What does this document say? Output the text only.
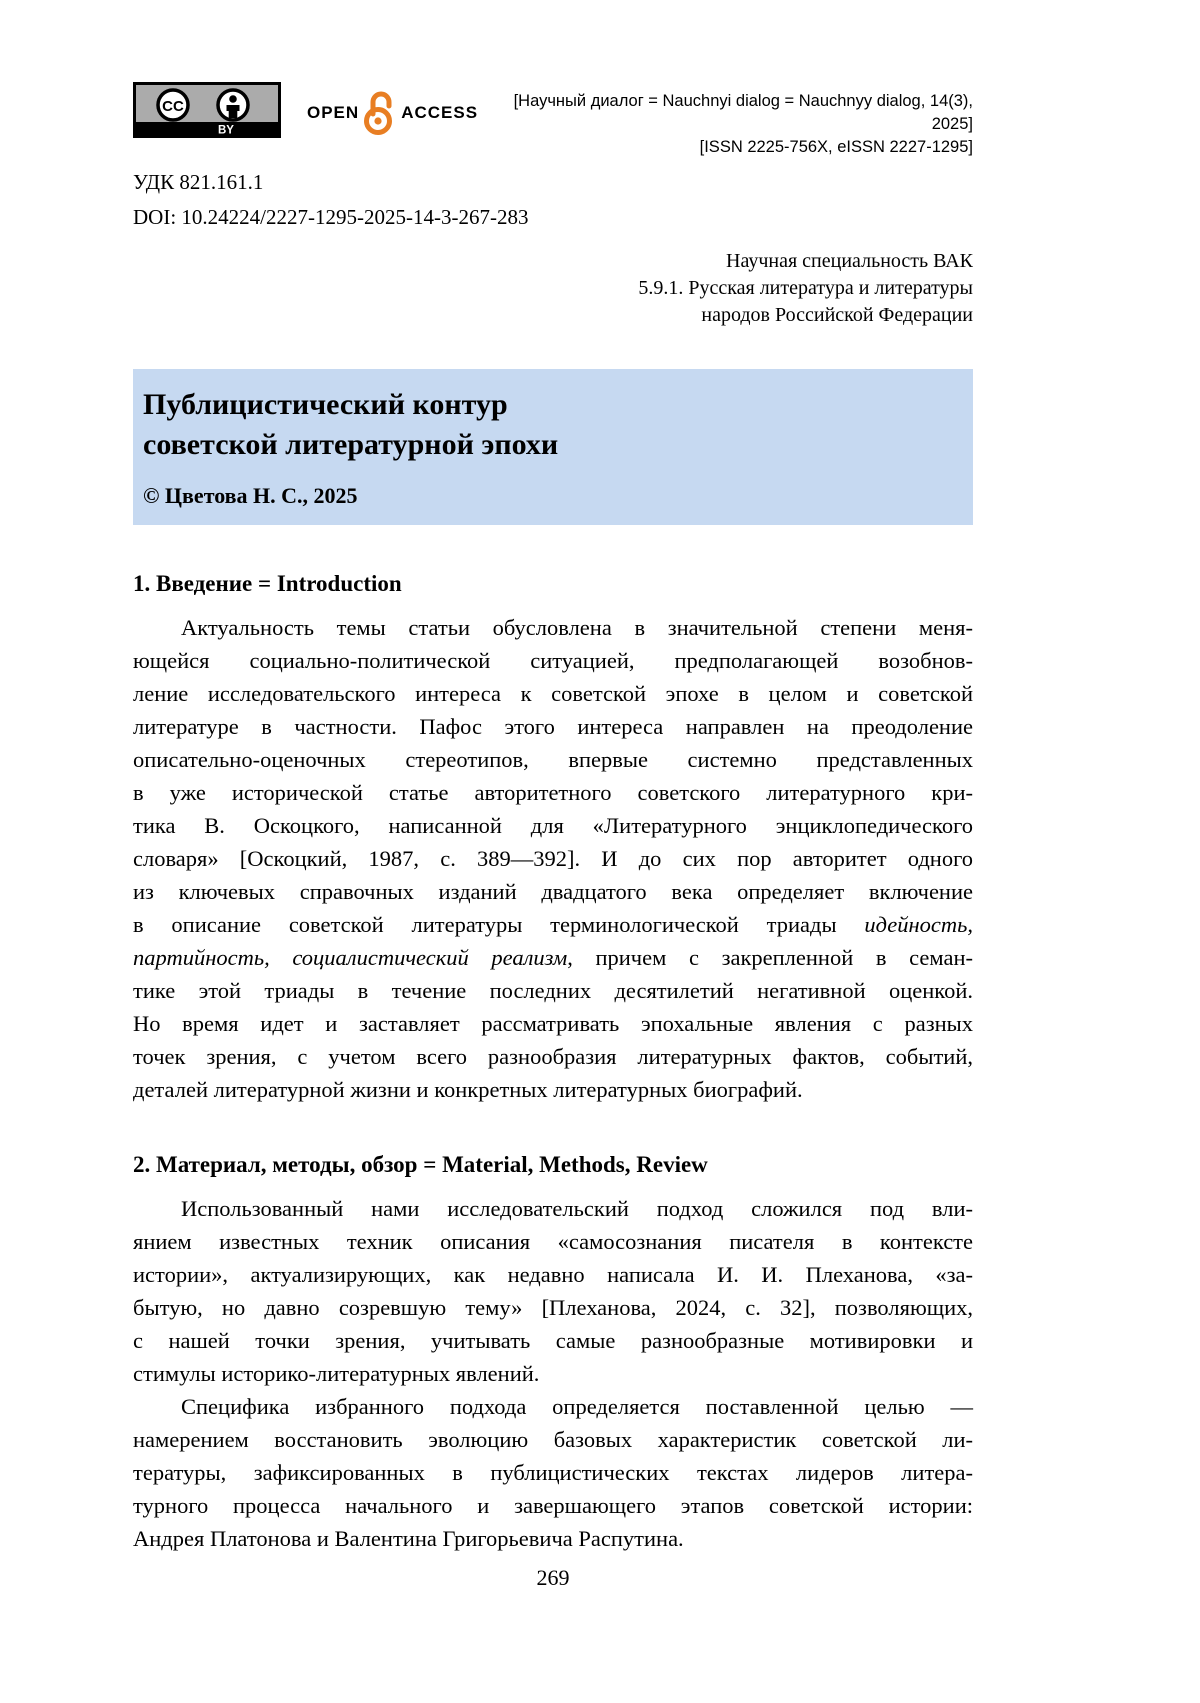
CC
BY
OPEN ACCESS
[Научный диалог = Nauchnyi dialog = Nauchnyy dialog, 14(3), 2025]
[ISSN 2225-756X, eISSN 2227-1295]
УДК 821.161.1
DOI: 10.24224/2227-1295-2025-14-3-267-283
Научная специальность ВАК
5.9.1. Русская литература и литературы
народов Российской Федерации
Публицистический контур
советской литературной эпохи
© Цветова Н. С., 2025
1. Введение = Introduction
Актуальность темы статьи обусловлена в значительной степени меня-
ющейся социально-политической ситуацией, предполагающей возобнов-
ление исследовательского интереса к советской эпохе в целом и советской
литературе в частности. Пафос этого интереса направлен на преодоление
описательно-оценочных стереотипов, впервые системно представленных
в уже исторической статье авторитетного советского литературного кри-
тика В. Оскоцкого, написанной для «Литературного энциклопедического
словаря» [Оскоцкий, 1987, с. 389—392]. И до сих пор авторитет одного
из ключевых справочных изданий двадцатого века определяет включение
в описание советской литературы терминологической триады идейность,
партийность, социалистический реализм, причем с закрепленной в семан-
тике этой триады в течение последних десятилетий негативной оценкой.
Но время идет и заставляет рассматривать эпохальные явления с разных
точек зрения, с учетом всего разнообразия литературных фактов, событий,
деталей литературной жизни и конкретных литературных биографий.
2. Материал, методы, обзор = Material, Methods, Review
Использованный нами исследовательский подход сложился под вли-
янием известных техник описания «самосознания писателя в контексте
истории», актуализирующих, как недавно написала И. И. Плеханова, «за-
бытую, но давно созревшую тему» [Плеханова, 2024, с. 32], позволяющих,
с нашей точки зрения, учитывать самые разнообразные мотивировки и
стимулы историко-литературных явлений.
Специфика избранного подхода определяется поставленной целью —
намерением восстановить эволюцию базовых характеристик советской ли-
тературы, зафиксированных в публицистических текстах лидеров литера-
турного процесса начального и завершающего этапов советской истории:
Андрея Платонова и Валентина Григорьевича Распутина.
269
